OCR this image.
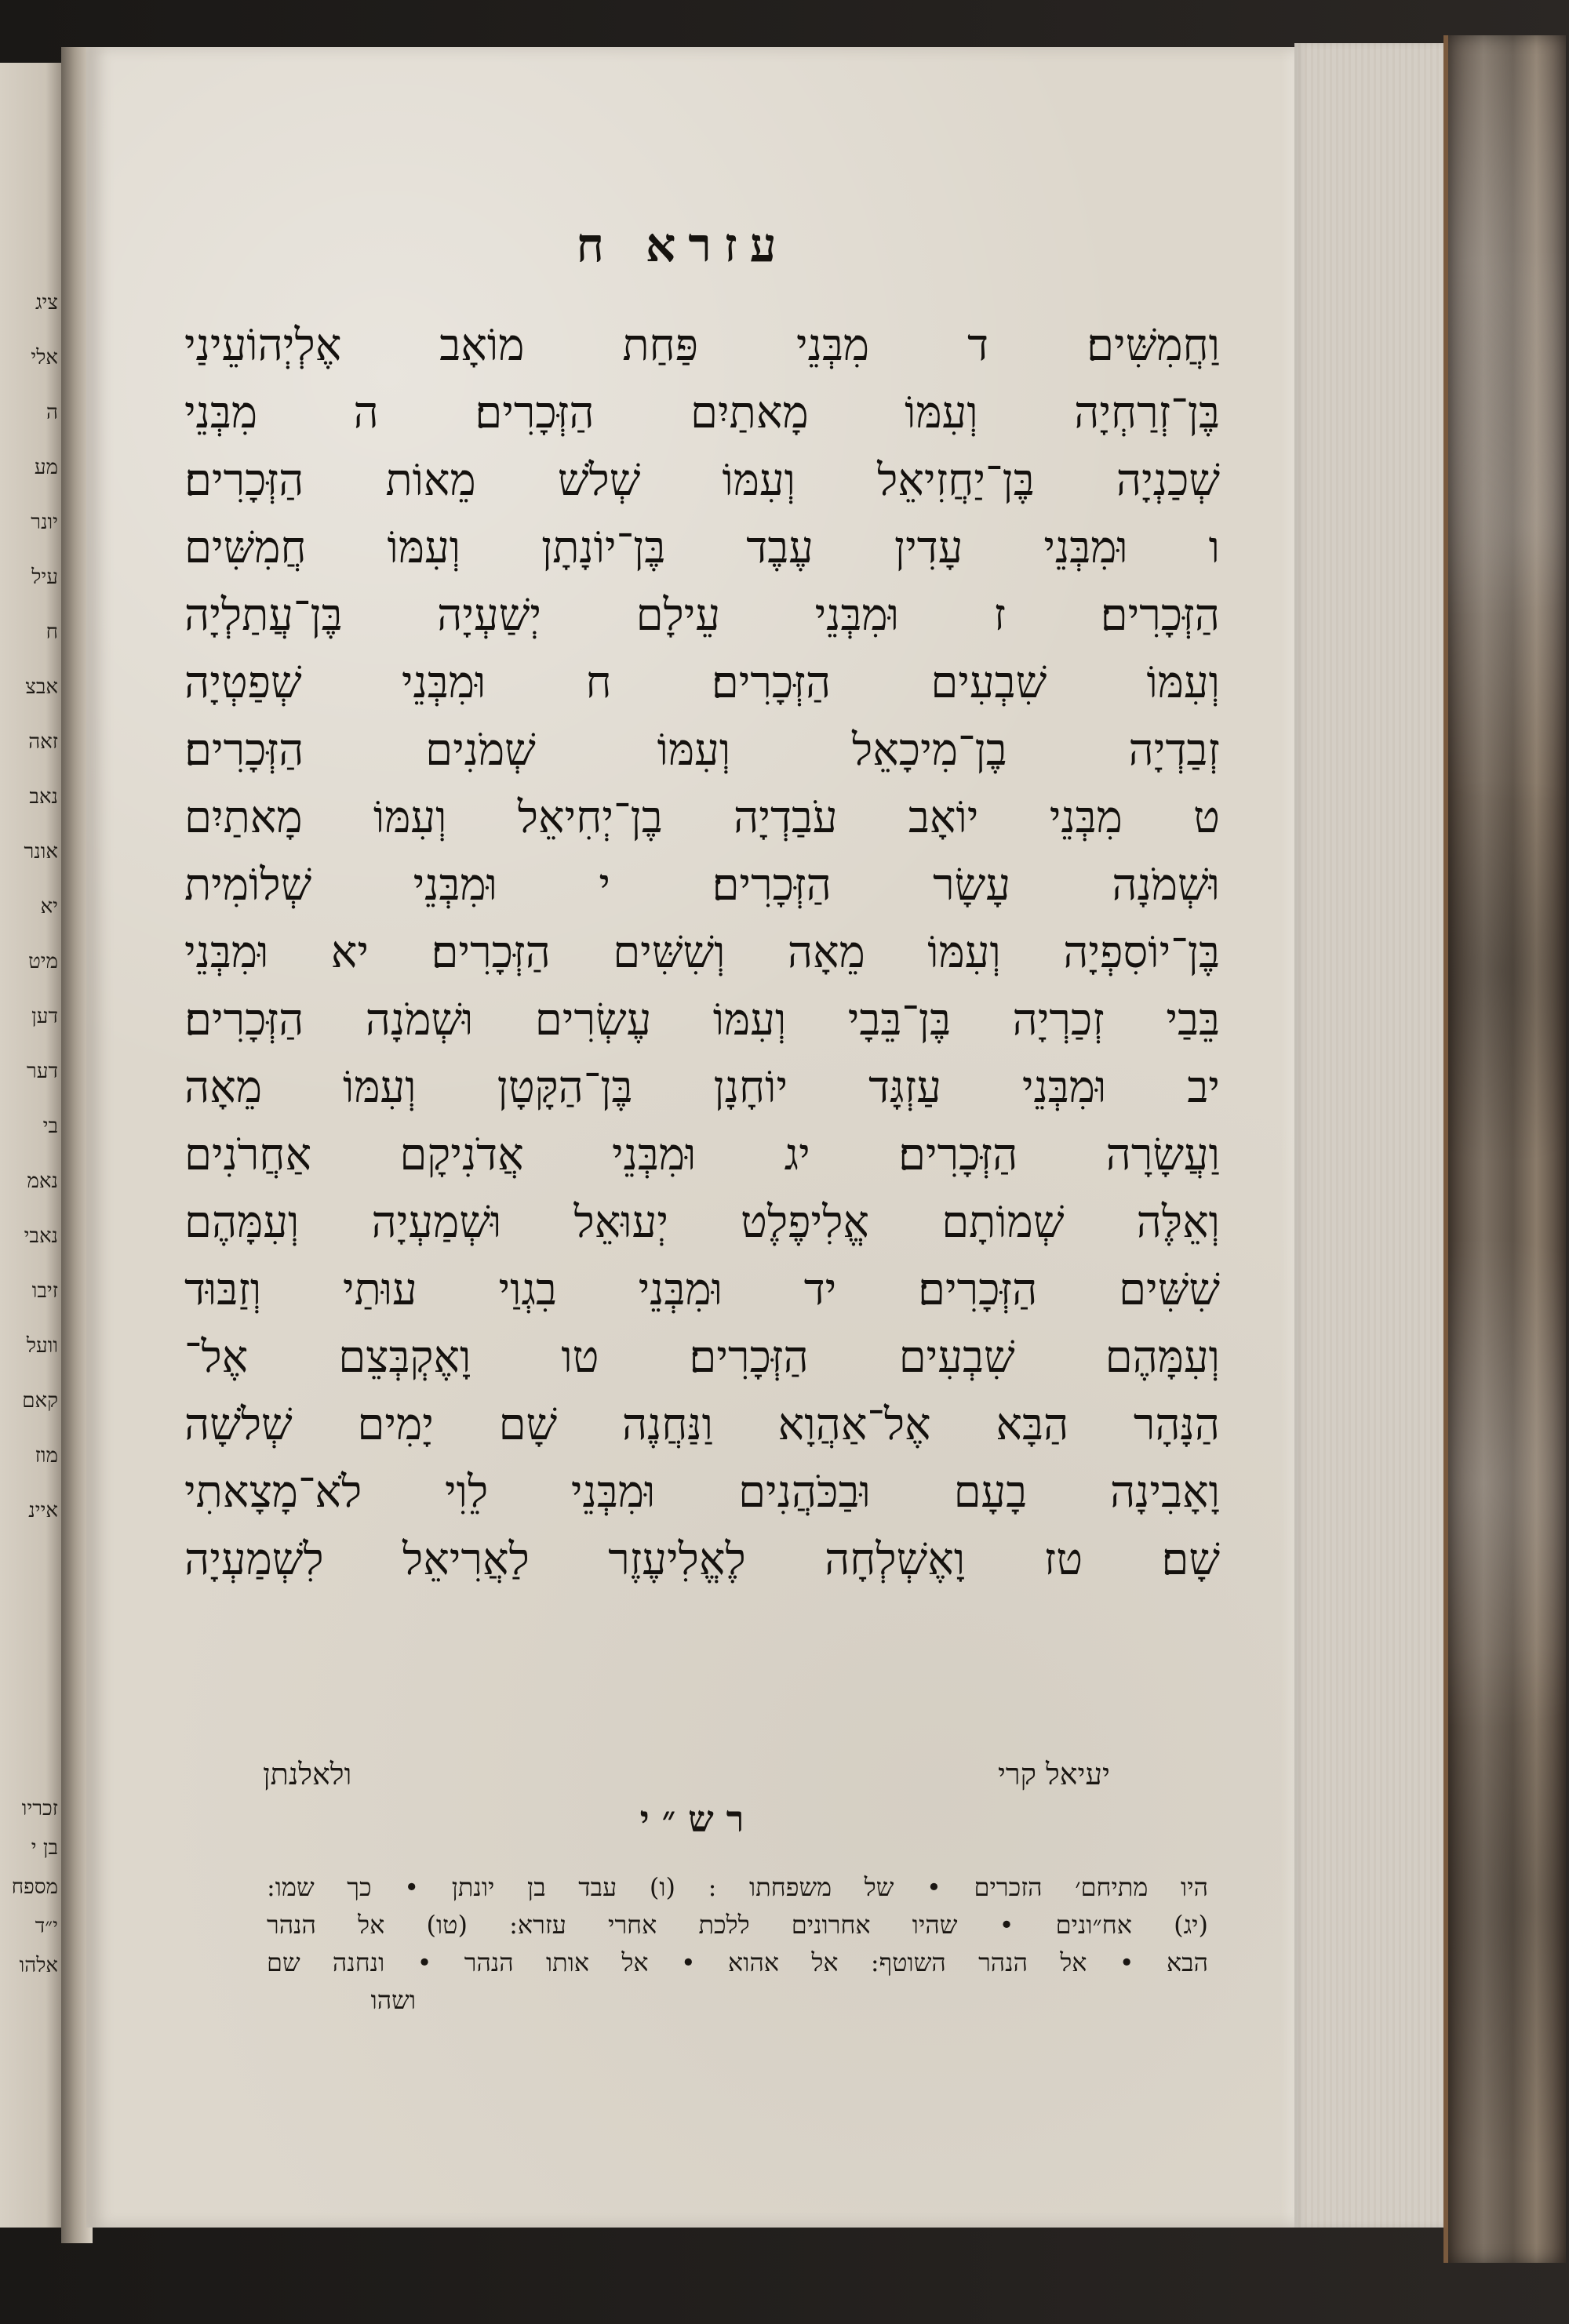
ציג
אלי
ה
מע
יונר
עיל
ח
אבצ
זאה
נאב
אונר
יא
מיט
דען
דער
בי
נאמ
נאבי
זיבו
וועל
קאם
מוז
איינ
זכריו
בן י
מספח
י״ד
אלהו
עזרא ח
וַחֲמִשִּׁים׃ ד מִבְּנֵי פַּחַת מוֹאָב אֶלְיְהוֹעֵינַי
בֶּן־זְרַחְיָה וְעִמּוֹ מָאתַיִם הַזְּכָרִים׃ ה מִבְּנֵי
שְׁכַנְיָה בֶּן־יַחֲזִיאֵל וְעִמּוֹ שְׁלֹשׁ מֵאוֹת הַזְּכָרִים׃
ו וּמִבְּנֵי עָדִין עֶבֶד בֶּן־יוֹנָתָן וְעִמּוֹ חֲמִשִּׁים
הַזְּכָרִים׃ ז וּמִבְּנֵי עֵילָם יְשַׁעְיָה בֶּן־עֲתַלְיָה
וְעִמּוֹ שִׁבְעִים הַזְּכָרִים׃ ח וּמִבְּנֵי שְׁפַטְיָה
זְבַדְיָה בֶן־מִיכָאֵל וְעִמּוֹ שְׁמֹנִים הַזְּכָרִים׃
ט מִבְּנֵי יוֹאָב עֹבַדְיָה בֶן־יְחִיאֵל וְעִמּוֹ מָאתַיִם
וּשְׁמֹנָה עָשָׂר הַזְּכָרִים׃ י וּמִבְּנֵי שְׁלוֹמִית
בֶּן־יוֹסִפְיָה וְעִמּוֹ מֵאָה וְשִׁשִּׁים הַזְּכָרִים׃ יא וּמִבְּנֵי
בֵּבַי זְכַרְיָה בֶּן־בֵּבָי וְעִמּוֹ עֶשְׂרִים וּשְׁמֹנָה הַזְּכָרִים׃
יב וּמִבְּנֵי עַזְגָּד יוֹחָנָן בֶּן־הַקָּטָן וְעִמּוֹ מֵאָה
וַעֲשָׂרָה הַזְּכָרִים׃ יג וּמִבְּנֵי אֲדֹנִיקָם אַחֲרֹנִים
וְאֵלֶּה שְׁמוֹתָם אֱלִיפֶלֶט יְעוּאֵל וּשְׁמַעְיָה וְעִמָּהֶם
שִׁשִּׁים הַזְּכָרִים׃ יד וּמִבְּנֵי בִגְוַי עוּתַי וְזַבּוּד
וְעִמָּהֶם שִׁבְעִים הַזְּכָרִים׃ טו וָאֶקְבְּצֵם אֶל־
הַנָּהָר הַבָּא אֶל־אַהֲוָא וַנַּחֲנֶה שָׁם יָמִים שְׁלֹשָׁה
וָאָבִינָה בָעָם וּבַכֹּהֲנִים וּמִבְּנֵי לֵוִי לֹא־מָצָאתִי
שָׁם׃ טז וָאֶשְׁלְחָה לֶאֱלִיעֶזֶר לַאֲרִיאֵל לִשְׁמַעְיָה
יעיאל קרי
ולאלנתן
רש״י
היו מתיחם׳ הזכרים • של משפחתו : (ו) עבד בן יונתן • כך שמו:
(יג) אח״ונים • שהיו אחרונים ללכת אחרי עזרא: (טו) אל הנהר
הבא • אל הנהר השוטף: אל אהוא • אל אותו הנהר • ונחנה שם
ושהו
